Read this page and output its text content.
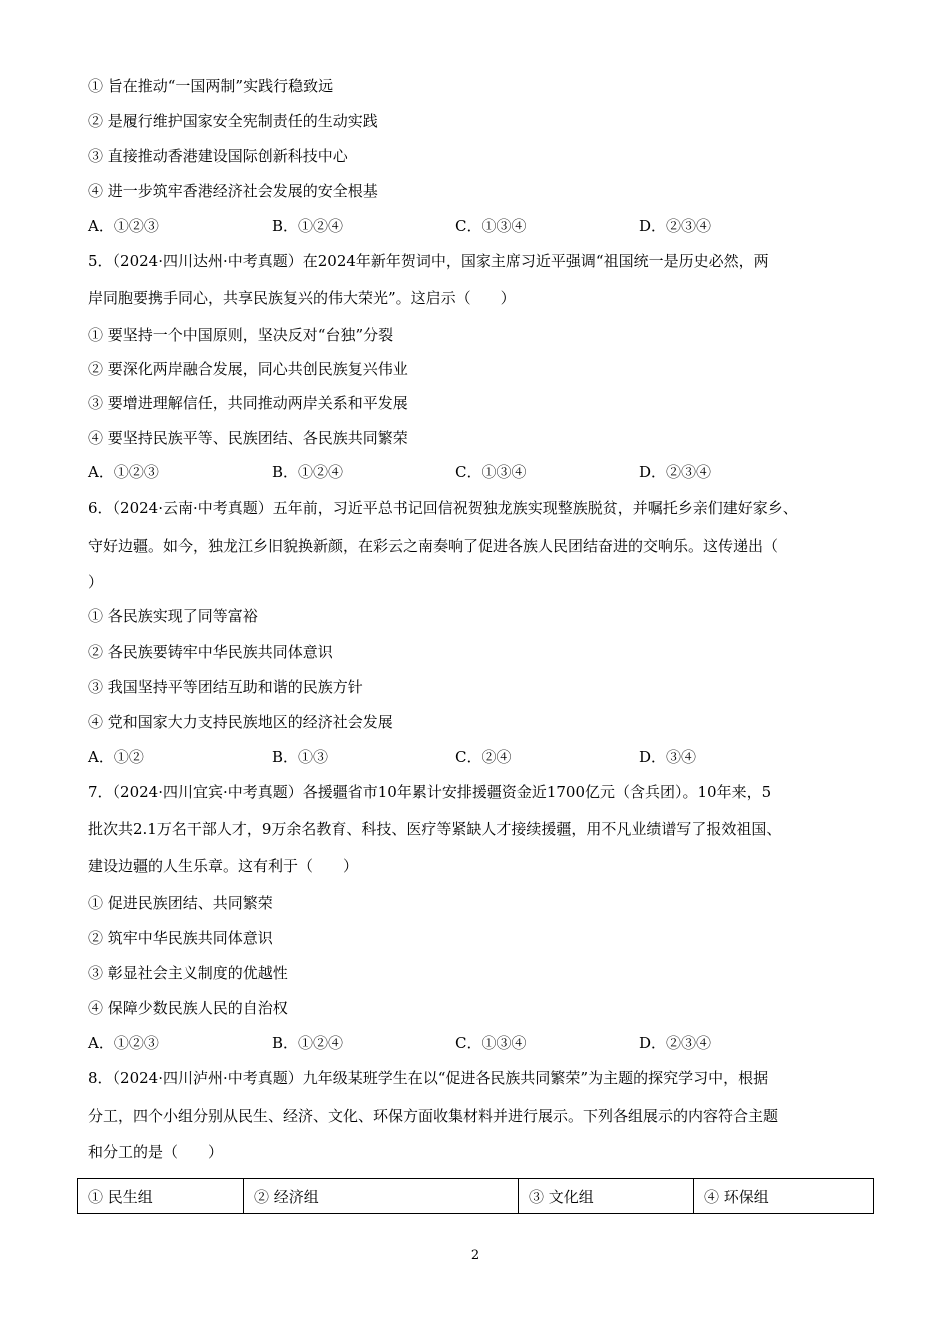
① 旨在推动“一国两制”实践行稳致远
② 是履行维护国家安全宪制责任的生动实践
③ 直接推动香港建设国际创新科技中心
④ 进一步筑牢香港经济社会发展的安全根基
A．①②③	B．①②④	C．①③④	D．②③④
5．（2024·四川达州·中考真题）在2024年新年贺词中，国家主席习近平强调“祖国统一是历史必然，两
岸同胞要携手同心，共享民族复兴的伟大荣光”。这启示（　　）
① 要坚持一个中国原则，坚决反对“台独”分裂
② 要深化两岸融合发展，同心共创民族复兴伟业
③ 要增进理解信任，共同推动两岸关系和平发展
④ 要坚持民族平等、民族团结、各民族共同繁荣
A．①②③	B．①②④	C．①③④	D．②③④
6．（2024·云南·中考真题）五年前，习近平总书记回信祝贺独龙族实现整族脱贫，并嘱托乡亲们建好家乡、
守好边疆。如今，独龙江乡旧貌换新颜，在彩云之南奏响了促进各族人民团结奋进的交响乐。这传递出（
）
① 各民族实现了同等富裕
② 各民族要铸牢中华民族共同体意识
③ 我国坚持平等团结互助和谐的民族方针
④ 党和国家大力支持民族地区的经济社会发展
A．①②	B．①③	C．②④	D．③④
7．（2024·四川宜宾·中考真题）各援疆省市10年累计安排援疆资金近1700亿元（含兵团）。10年来，5
批次共2.1万名干部人才，9万余名教育、科技、医疗等紧缺人才接续援疆，用不凡业绩谱写了报效祖国、
建设边疆的人生乐章。这有利于（　　）
① 促进民族团结、共同繁荣
② 筑牢中华民族共同体意识
③ 彰显社会主义制度的优越性
④ 保障少数民族人民的自治权
A．①②③	B．①②④	C．①③④	D．②③④
8．（2024·四川泸州·中考真题）九年级某班学生在以“促进各民族共同繁荣”为主题的探究学习中，根据
分工，四个小组分别从民生、经济、文化、环保方面收集材料并进行展示。下列各组展示的内容符合主题
和分工的是（　　）
① 民生组	② 经济组	③ 文化组	④ 环保组
2
